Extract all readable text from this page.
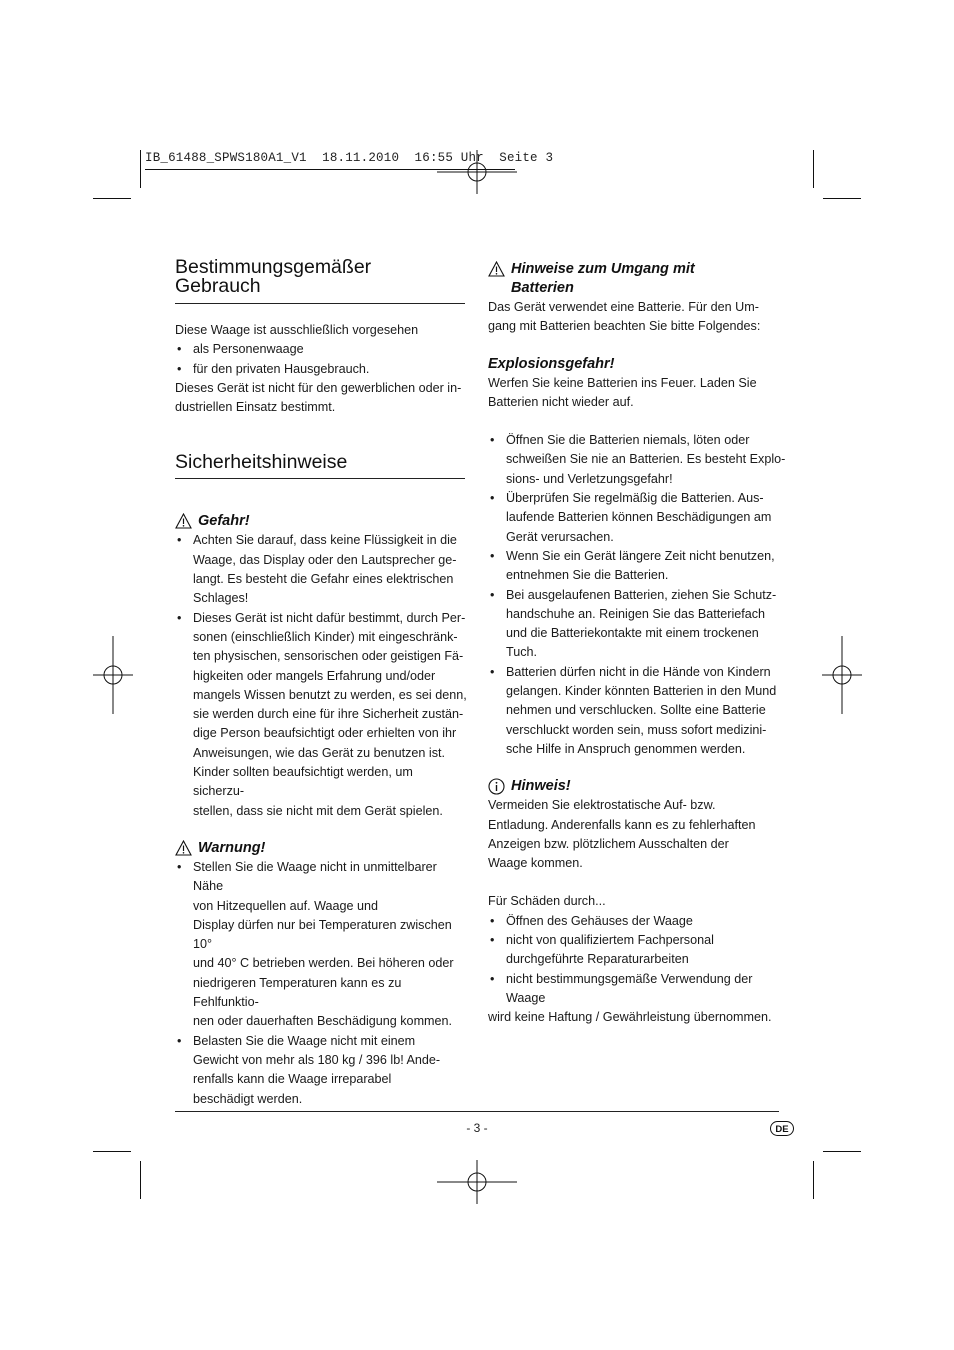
IB_61488_SPWS180A1_V1  18.11.2010  16:55 Uhr  Seite 3
Bestimmungsgemäßer
Gebrauch

Diese Waage ist ausschließlich vorgesehen

• als Personenwaage
• für den privaten Hausgebrauch.

Dieses Gerät ist nicht für den gewerblichen oder in-
dustriellen Einsatz bestimmt.

Sicherheitshinweise
Gefahr!
• Achten Sie darauf, dass keine Flüssigkeit in die
Waage, das Display oder den Lautsprecher ge-
langt. Es besteht die Gefahr eines elektrischen
Schlages!
• Dieses Gerät ist nicht dafür bestimmt, durch Per-
sonen (einschließlich Kinder) mit eingeschränk-
ten physischen, sensorischen oder geistigen Fä-
higkeiten oder mangels Erfahrung und/oder
mangels Wissen benutzt zu werden, es sei denn,
sie werden durch eine für ihre Sicherheit zustän-
dige Person beaufsichtigt oder erhielten von ihr
Anweisungen, wie das Gerät zu benutzen ist.
Kinder sollten beaufsichtigt werden, um sicherzu-
stellen, dass sie nicht mit dem Gerät spielen.
Warnung!
• Stellen Sie die Waage nicht in unmittelbarer Nähe
von Hitzequellen auf. Waage und
Display dürfen nur bei Temperaturen zwischen 10°
und 40° C betrieben werden. Bei höheren oder
niedrigeren Temperaturen kann es zu Fehlfunktio-
nen oder dauerhaften Beschädigung kommen.
• Belasten Sie die Waage nicht mit einem
Gewicht von mehr als 180 kg / 396 lb! Ande-
renfalls kann die Waage irreparabel
beschädigt werden.
Hinweise zum Umgang mit
Batterien

Das Gerät verwendet eine Batterie. Für den Um-
gang mit Batterien beachten Sie bitte Folgendes:

Explosionsgefahr!

Werfen Sie keine Batterien ins Feuer. Laden Sie
Batterien nicht wieder auf.

• Öffnen Sie die Batterien niemals, löten oder
schweißen Sie nie an Batterien. Es besteht Explo-
sions- und Verletzungsgefahr!
• Überprüfen Sie regelmäßig die Batterien. Aus-
laufende Batterien können Beschädigungen am
Gerät verursachen.
• Wenn Sie ein Gerät längere Zeit nicht benutzen,
entnehmen Sie die Batterien.
• Bei ausgelaufenen Batterien, ziehen Sie Schutz-
handschuhe an. Reinigen Sie das Batteriefach
und die Batteriekontakte mit einem trockenen
Tuch.
• Batterien dürfen nicht in die Hände von Kindern
gelangen. Kinder könnten Batterien in den Mund
nehmen und verschlucken. Sollte eine Batterie
verschluckt worden sein, muss sofort medizini-
sche Hilfe in Anspruch genommen werden.
Hinweis!

Vermeiden Sie elektrostatische Auf- bzw.
Entladung. Anderenfalls kann es zu fehlerhaften
Anzeigen bzw. plötzlichem Ausschalten der
Waage kommen.

Für Schäden durch...

• Öffnen des Gehäuses der Waage
• nicht von qualifiziertem Fachpersonal
durchgeführte Reparaturarbeiten
• nicht bestimmungsgemäße Verwendung der
Waage

wird keine Haftung / Gewährleistung übernommen.

- 3 -	DE
